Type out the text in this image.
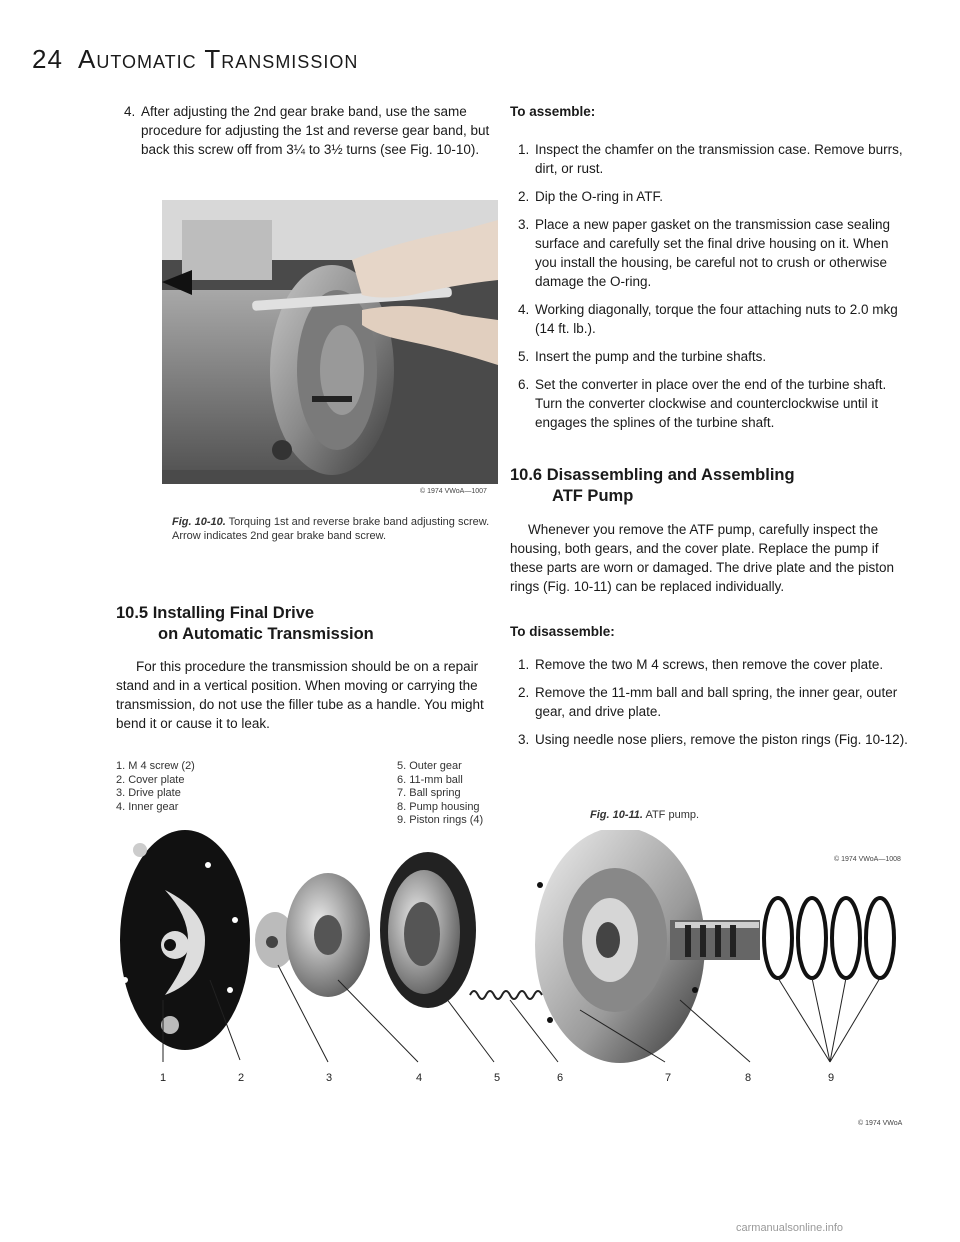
24 Automatic Transmission
4. After adjusting the 2nd gear brake band, use the same procedure for adjusting the 1st and reverse gear band, but back this screw off from 3¼ to 3½ turns (see Fig. 10-10).
© 1974 VWoA—1007
Fig. 10-10. Torquing 1st and reverse brake band adjusting screw. Arrow indicates 2nd gear brake band screw.
10.5 Installing Final Drive
on Automatic Transmission

For this procedure the transmission should be on a repair stand and in a vertical position. When moving or carrying the transmission, do not use the filler tube as a handle. You might bend it or cause it to leak.

To assemble:
1. Inspect the chamfer on the transmission case. Remove burrs, dirt, or rust.
2. Dip the O-ring in ATF.
3. Place a new paper gasket on the transmission case sealing surface and carefully set the final drive housing on it. When you install the housing, be careful not to crush or otherwise damage the O-ring.
4. Working diagonally, torque the four attaching nuts to 2.0 mkg (14 ft. lb.).
5. Insert the pump and the turbine shafts.
6. Set the converter in place over the end of the turbine shaft. Turn the converter clockwise and counterclockwise until it engages the splines of the turbine shaft.
10.6 Disassembling and Assembling
ATF Pump

Whenever you remove the ATF pump, carefully inspect the housing, both gears, and the cover plate. Replace the pump if these parts are worn or damaged. The drive plate and the piston rings (Fig. 10-11) can be replaced individually.

To disassemble:
1. Remove the two M 4 screws, then remove the cover plate.
2. Remove the 11-mm ball and ball spring, the inner gear, outer gear, and drive plate.
3. Using needle nose pliers, remove the piston rings (Fig. 10-12).
1. M 4 screw (2)
2. Cover plate
3. Drive plate
4. Inner gear
5. Outer gear
6. 11-mm ball
7. Ball spring
8. Pump housing
9. Piston rings (4)	Fig. 10-11. ATF pump.
© 1974 VWoA—1008
1	2	3	4	5	6	7	8	9
© 1974 VWoA
carmanualsonline.info
